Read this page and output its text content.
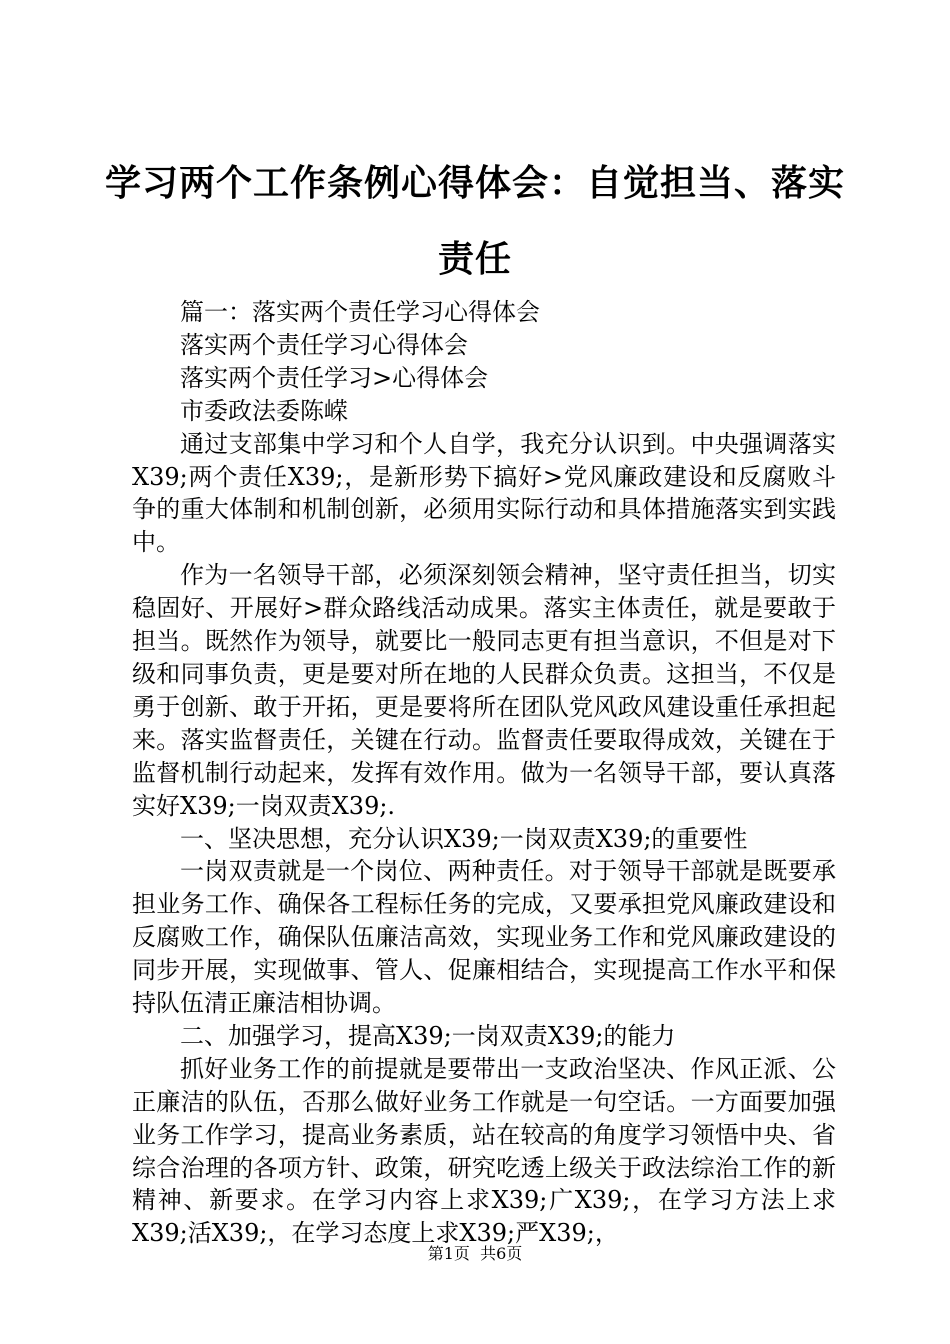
学习两个工作条例心得体会：自觉担当、落实
责任

篇一：落实两个责任学习心得体会

落实两个责任学习心得体会

落实两个责任学习>心得体会

市委政法委陈嵘

通过支部集中学习和个人自学，我充分认识到。中央强调落实X39;两个责任X39;，是新形势下搞好>党风廉政建设和反腐败斗争的重大体制和机制创新，必须用实际行动和具体措施落实到实践中。

作为一名领导干部，必须深刻领会精神，坚守责任担当，切实稳固好、开展好>群众路线活动成果。落实主体责任，就是要敢于担当。既然作为领导，就要比一般同志更有担当意识，不但是对下级和同事负责，更是要对所在地的人民群众负责。这担当，不仅是勇于创新、敢于开拓，更是要将所在团队党风政风建设重任承担起来。落实监督责任，关键在行动。监督责任要取得成效，关键在于监督机制行动起来，发挥有效作用。做为一名领导干部，要认真落实好X39;一岗双责X39;.

一、坚决思想，充分认识X39;一岗双责X39;的重要性

一岗双责就是一个岗位、两种责任。对于领导干部就是既要承担业务工作、确保各工程标任务的完成，又要承担党风廉政建设和反腐败工作，确保队伍廉洁高效，实现业务工作和党风廉政建设的同步开展，实现做事、管人、促廉相结合，实现提高工作水平和保持队伍清正廉洁相协调。

二、加强学习，提高X39;一岗双责X39;的能力

抓好业务工作的前提就是要带出一支政治坚决、作风正派、公正廉洁的队伍，否那么做好业务工作就是一句空话。一方面要加强业务工作学习，提高业务素质，站在较高的角度学习领悟中央、省综合治理的各项方针、政策，研究吃透上级关于政法综治工作的新精神、新要求。在学习内容上求X39;广X39;，在学习方法上求X39;活X39;，在学习态度上求X39;严X39;，

第1页 共6页
